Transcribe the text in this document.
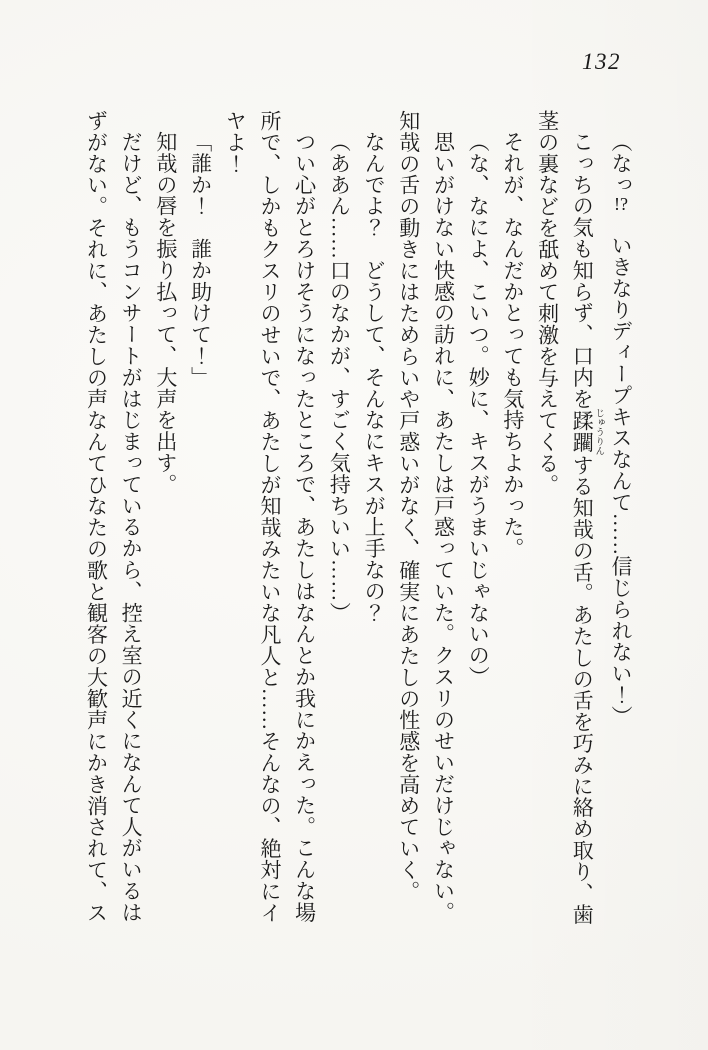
132

（なっ!?　いきなりディープキスなんて……信じられない！）

こっちの気も知らず、口内を蹂躙 じゅうりんする知哉の舌。あたしの舌を巧みに絡め取り、歯茎の裏などを舐めて刺激を与えてくる。

それが、なんだかとっても気持ちよかった。

（な、なによ、こいつ。妙に、キスがうまいじゃないの）

思いがけない快感の訪れに、あたしは戸惑っていた。クスリのせいだけじゃない。知哉の舌の動きにはためらいや戸惑いがなく、確実にあたしの性感を高めていく。

なんでよ？　どうして、そんなにキスが上手なの？

（ああん……口のなかが、すごく気持ちいい……）

つい心がとろけそうになったところで、あたしはなんとか我にかえった。こんな場所で、しかもクスリのせいで、あたしが知哉みたいな凡人と……そんなの、絶対にイヤよ！

「誰か！　誰か助けて！」

知哉の唇を振り払って、大声を出す。

だけど、もうコンサートがはじまっているから、控え室の近くになんて人がいるはずがない。それに、あたしの声なんてひなたの歌と観客の大歓声にかき消されて、ス
